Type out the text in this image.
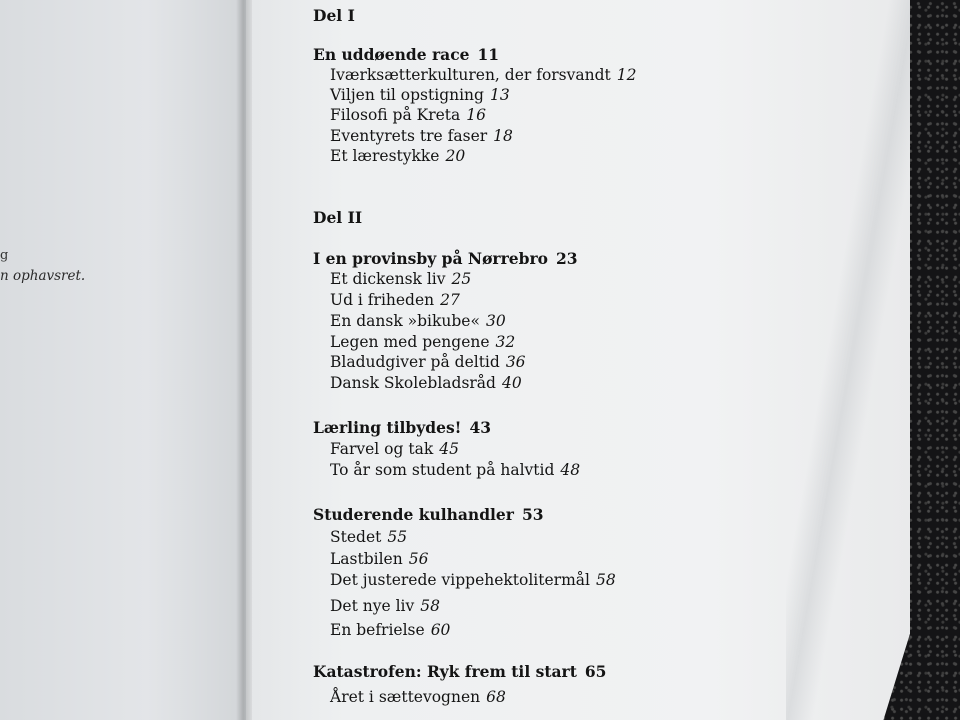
g
n ophavsret.
Del I
En uddøende race 11
Iværksætterkulturen, der forsvandt 12
Viljen til opstigning 13
Filosofi på Kreta 16
Eventyrets tre faser 18
Et lærestykke 20
Del II
I en provinsby på Nørrebro 23
Et dickensk liv 25
Ud i friheden 27
En dansk »bikube« 30
Legen med pengene 32
Bladudgiver på deltid 36
Dansk Skolebladsråd 40
Lærling tilbydes! 43
Farvel og tak 45
To år som student på halvtid 48
Studerende kulhandler 53
Stedet 55
Lastbilen 56
Det justerede vippehektolitermål 58
Det nye liv 58
En befrielse 60
Katastrofen: Ryk frem til start 65
Året i sættevognen 68
